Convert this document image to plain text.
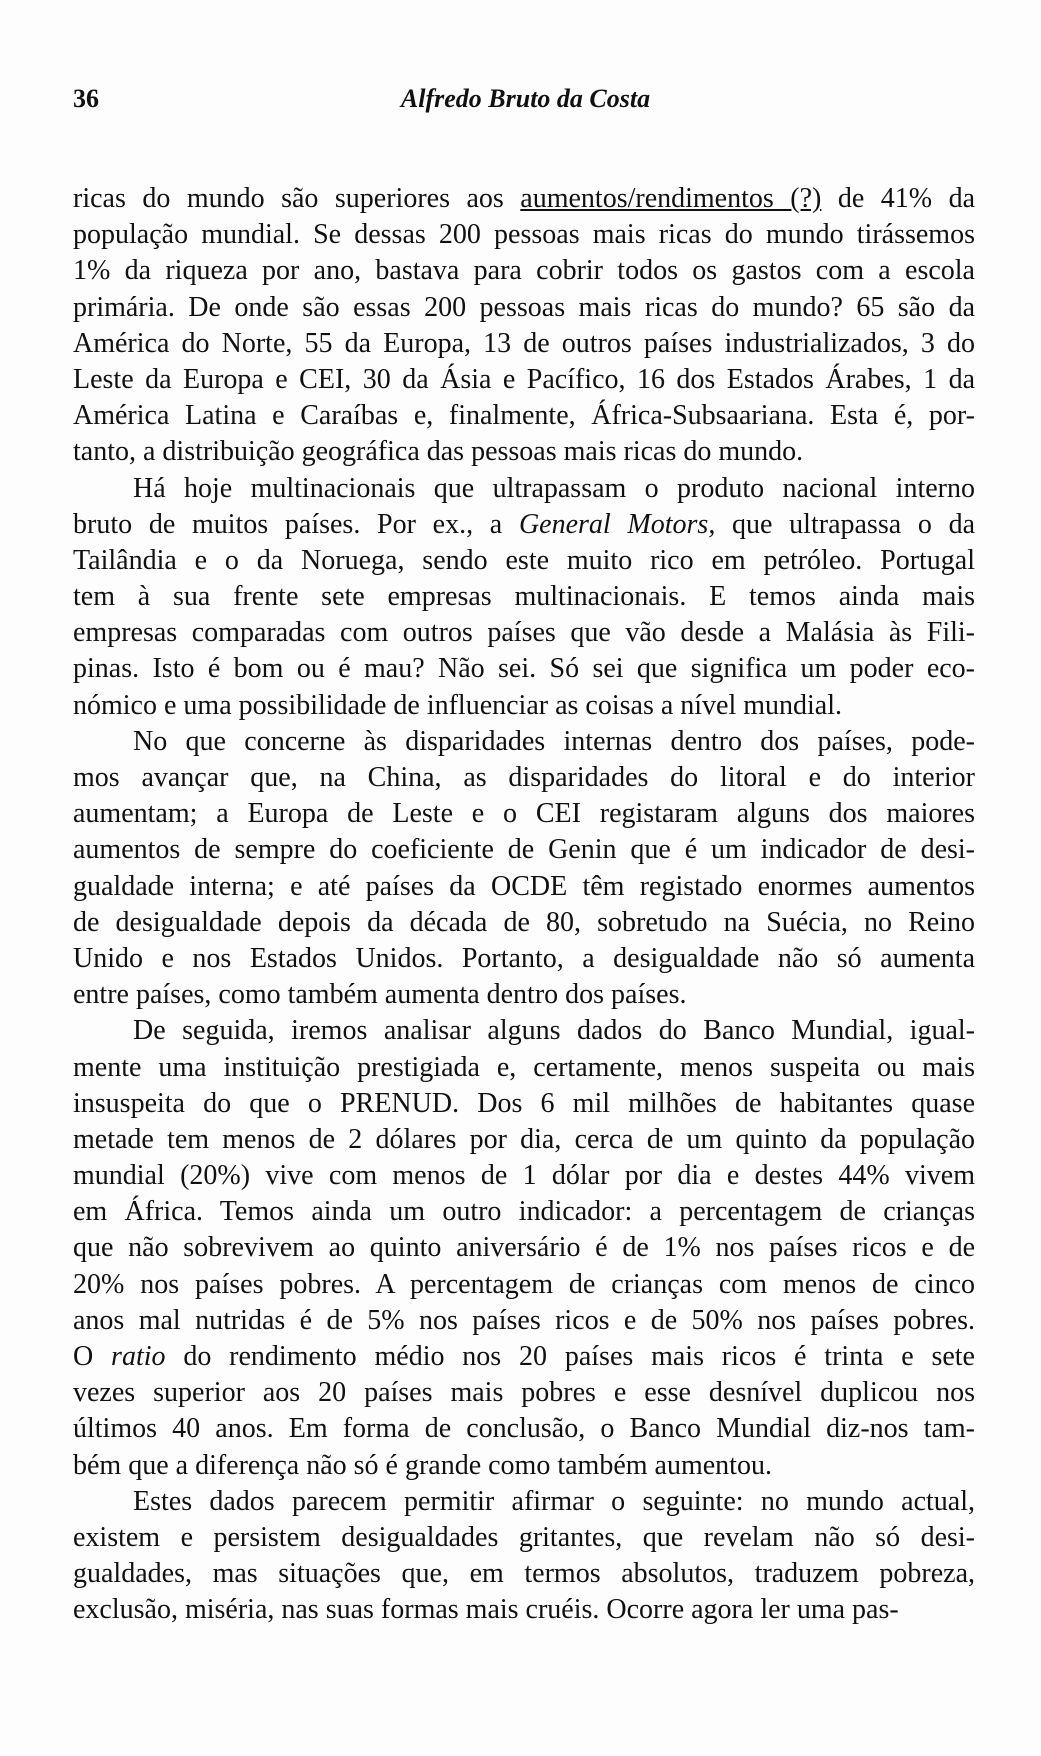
36	Alfredo Bruto da Costa
ricas do mundo são superiores aos aumentos/rendimentos (?) de 41% da
população mundial. Se dessas 200 pessoas mais ricas do mundo tirássemos
1% da riqueza por ano, bastava para cobrir todos os gastos com a escola
primária. De onde são essas 200 pessoas mais ricas do mundo? 65 são da
América do Norte, 55 da Europa, 13 de outros países industrializados, 3 do
Leste da Europa e CEI, 30 da Ásia e Pacífico, 16 dos Estados Árabes, 1 da
América Latina e Caraíbas e, finalmente, África-Subsaariana. Esta é, por-
tanto, a distribuição geográfica das pessoas mais ricas do mundo.
Há hoje multinacionais que ultrapassam o produto nacional interno
bruto de muitos países. Por ex., a General Motors, que ultrapassa o da
Tailândia e o da Noruega, sendo este muito rico em petróleo. Portugal
tem à sua frente sete empresas multinacionais. E temos ainda mais
empresas comparadas com outros países que vão desde a Malásia às Fili-
pinas. Isto é bom ou é mau? Não sei. Só sei que significa um poder eco-
nómico e uma possibilidade de influenciar as coisas a nível mundial.
No que concerne às disparidades internas dentro dos países, pode-
mos avançar que, na China, as disparidades do litoral e do interior
aumentam; a Europa de Leste e o CEI registaram alguns dos maiores
aumentos de sempre do coeficiente de Genin que é um indicador de desi-
gualdade interna; e até países da OCDE têm registado enormes aumentos
de desigualdade depois da década de 80, sobretudo na Suécia, no Reino
Unido e nos Estados Unidos. Portanto, a desigualdade não só aumenta
entre países, como também aumenta dentro dos países.
De seguida, iremos analisar alguns dados do Banco Mundial, igual-
mente uma instituição prestigiada e, certamente, menos suspeita ou mais
insuspeita do que o PRENUD. Dos 6 mil milhões de habitantes quase
metade tem menos de 2 dólares por dia, cerca de um quinto da população
mundial (20%) vive com menos de 1 dólar por dia e destes 44% vivem
em África. Temos ainda um outro indicador: a percentagem de crianças
que não sobrevivem ao quinto aniversário é de 1% nos países ricos e de
20% nos países pobres. A percentagem de crianças com menos de cinco
anos mal nutridas é de 5% nos países ricos e de 50% nos países pobres.
O ratio do rendimento médio nos 20 países mais ricos é trinta e sete
vezes superior aos 20 países mais pobres e esse desnível duplicou nos
últimos 40 anos. Em forma de conclusão, o Banco Mundial diz-nos tam-
bém que a diferença não só é grande como também aumentou.
Estes dados parecem permitir afirmar o seguinte: no mundo actual,
existem e persistem desigualdades gritantes, que revelam não só desi-
gualdades, mas situações que, em termos absolutos, traduzem pobreza,
exclusão, miséria, nas suas formas mais cruéis. Ocorre agora ler uma pas-
